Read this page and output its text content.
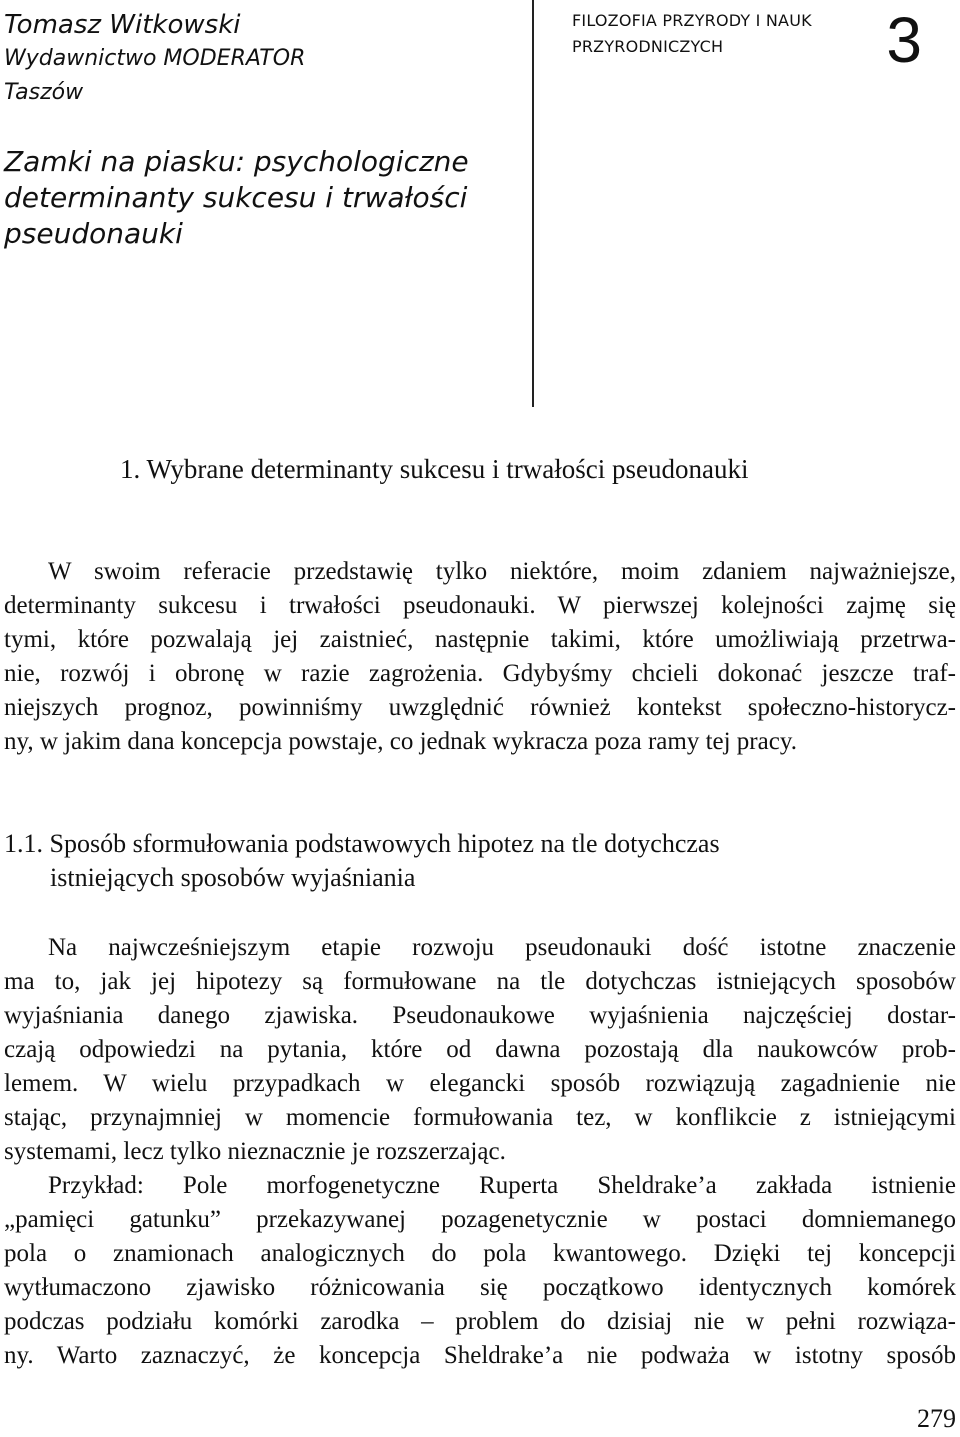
Tomasz Witkowski
Wydawnictwo MODERATOR
Taszów
Zamki na piasku: psychologiczne
determinanty sukcesu i trwałości
pseudonauki
FILOZOFIA PRZYRODY I NAUK
PRZYRODNICZYCH	3
1. Wybrane determinanty sukcesu i trwałości pseudonauki
W swoim referacie przedstawię tylko niektóre, moim zdaniem najważniejsze,
determinanty sukcesu i trwałości pseudonauki. W pierwszej kolejności zajmę się
tymi, które pozwalają jej zaistnieć, następnie takimi, które umożliwiają przetrwa-
nie, rozwój i obronę w razie zagrożenia. Gdybyśmy chcieli dokonać jeszcze traf-
niejszych prognoz, powinniśmy uwzględnić również kontekst społeczno-historycz-
ny, w jakim dana koncepcja powstaje, co jednak wykracza poza ramy tej pracy.
1.1. Sposób sformułowania podstawowych hipotez na tle dotychczas
istniejących sposobów wyjaśniania
Na najwcześniejszym etapie rozwoju pseudonauki dość istotne znaczenie
ma to, jak jej hipotezy są formułowane na tle dotychczas istniejących sposobów
wyjaśniania danego zjawiska. Pseudonaukowe wyjaśnienia najczęściej dostar-
czają odpowiedzi na pytania, które od dawna pozostają dla naukowców prob-
lemem. W wielu przypadkach w elegancki sposób rozwiązują zagadnienie nie
stając, przynajmniej w momencie formułowania tez, w konflikcie z istniejącymi
systemami, lecz tylko nieznacznie je rozszerzając.
Przykład: Pole morfogenetyczne Ruperta Sheldrake’a zakłada istnienie
„pamięci gatunku” przekazywanej pozagenetycznie w postaci domniemanego
pola o znamionach analogicznych do pola kwantowego. Dzięki tej koncepcji
wytłumaczono zjawisko różnicowania się początkowo identycznych komórek
podczas podziału komórki zarodka – problem do dzisiaj nie w pełni rozwiąza-
ny. Warto zaznaczyć, że koncepcja Sheldrake’a nie podważa w istotny sposób
279
